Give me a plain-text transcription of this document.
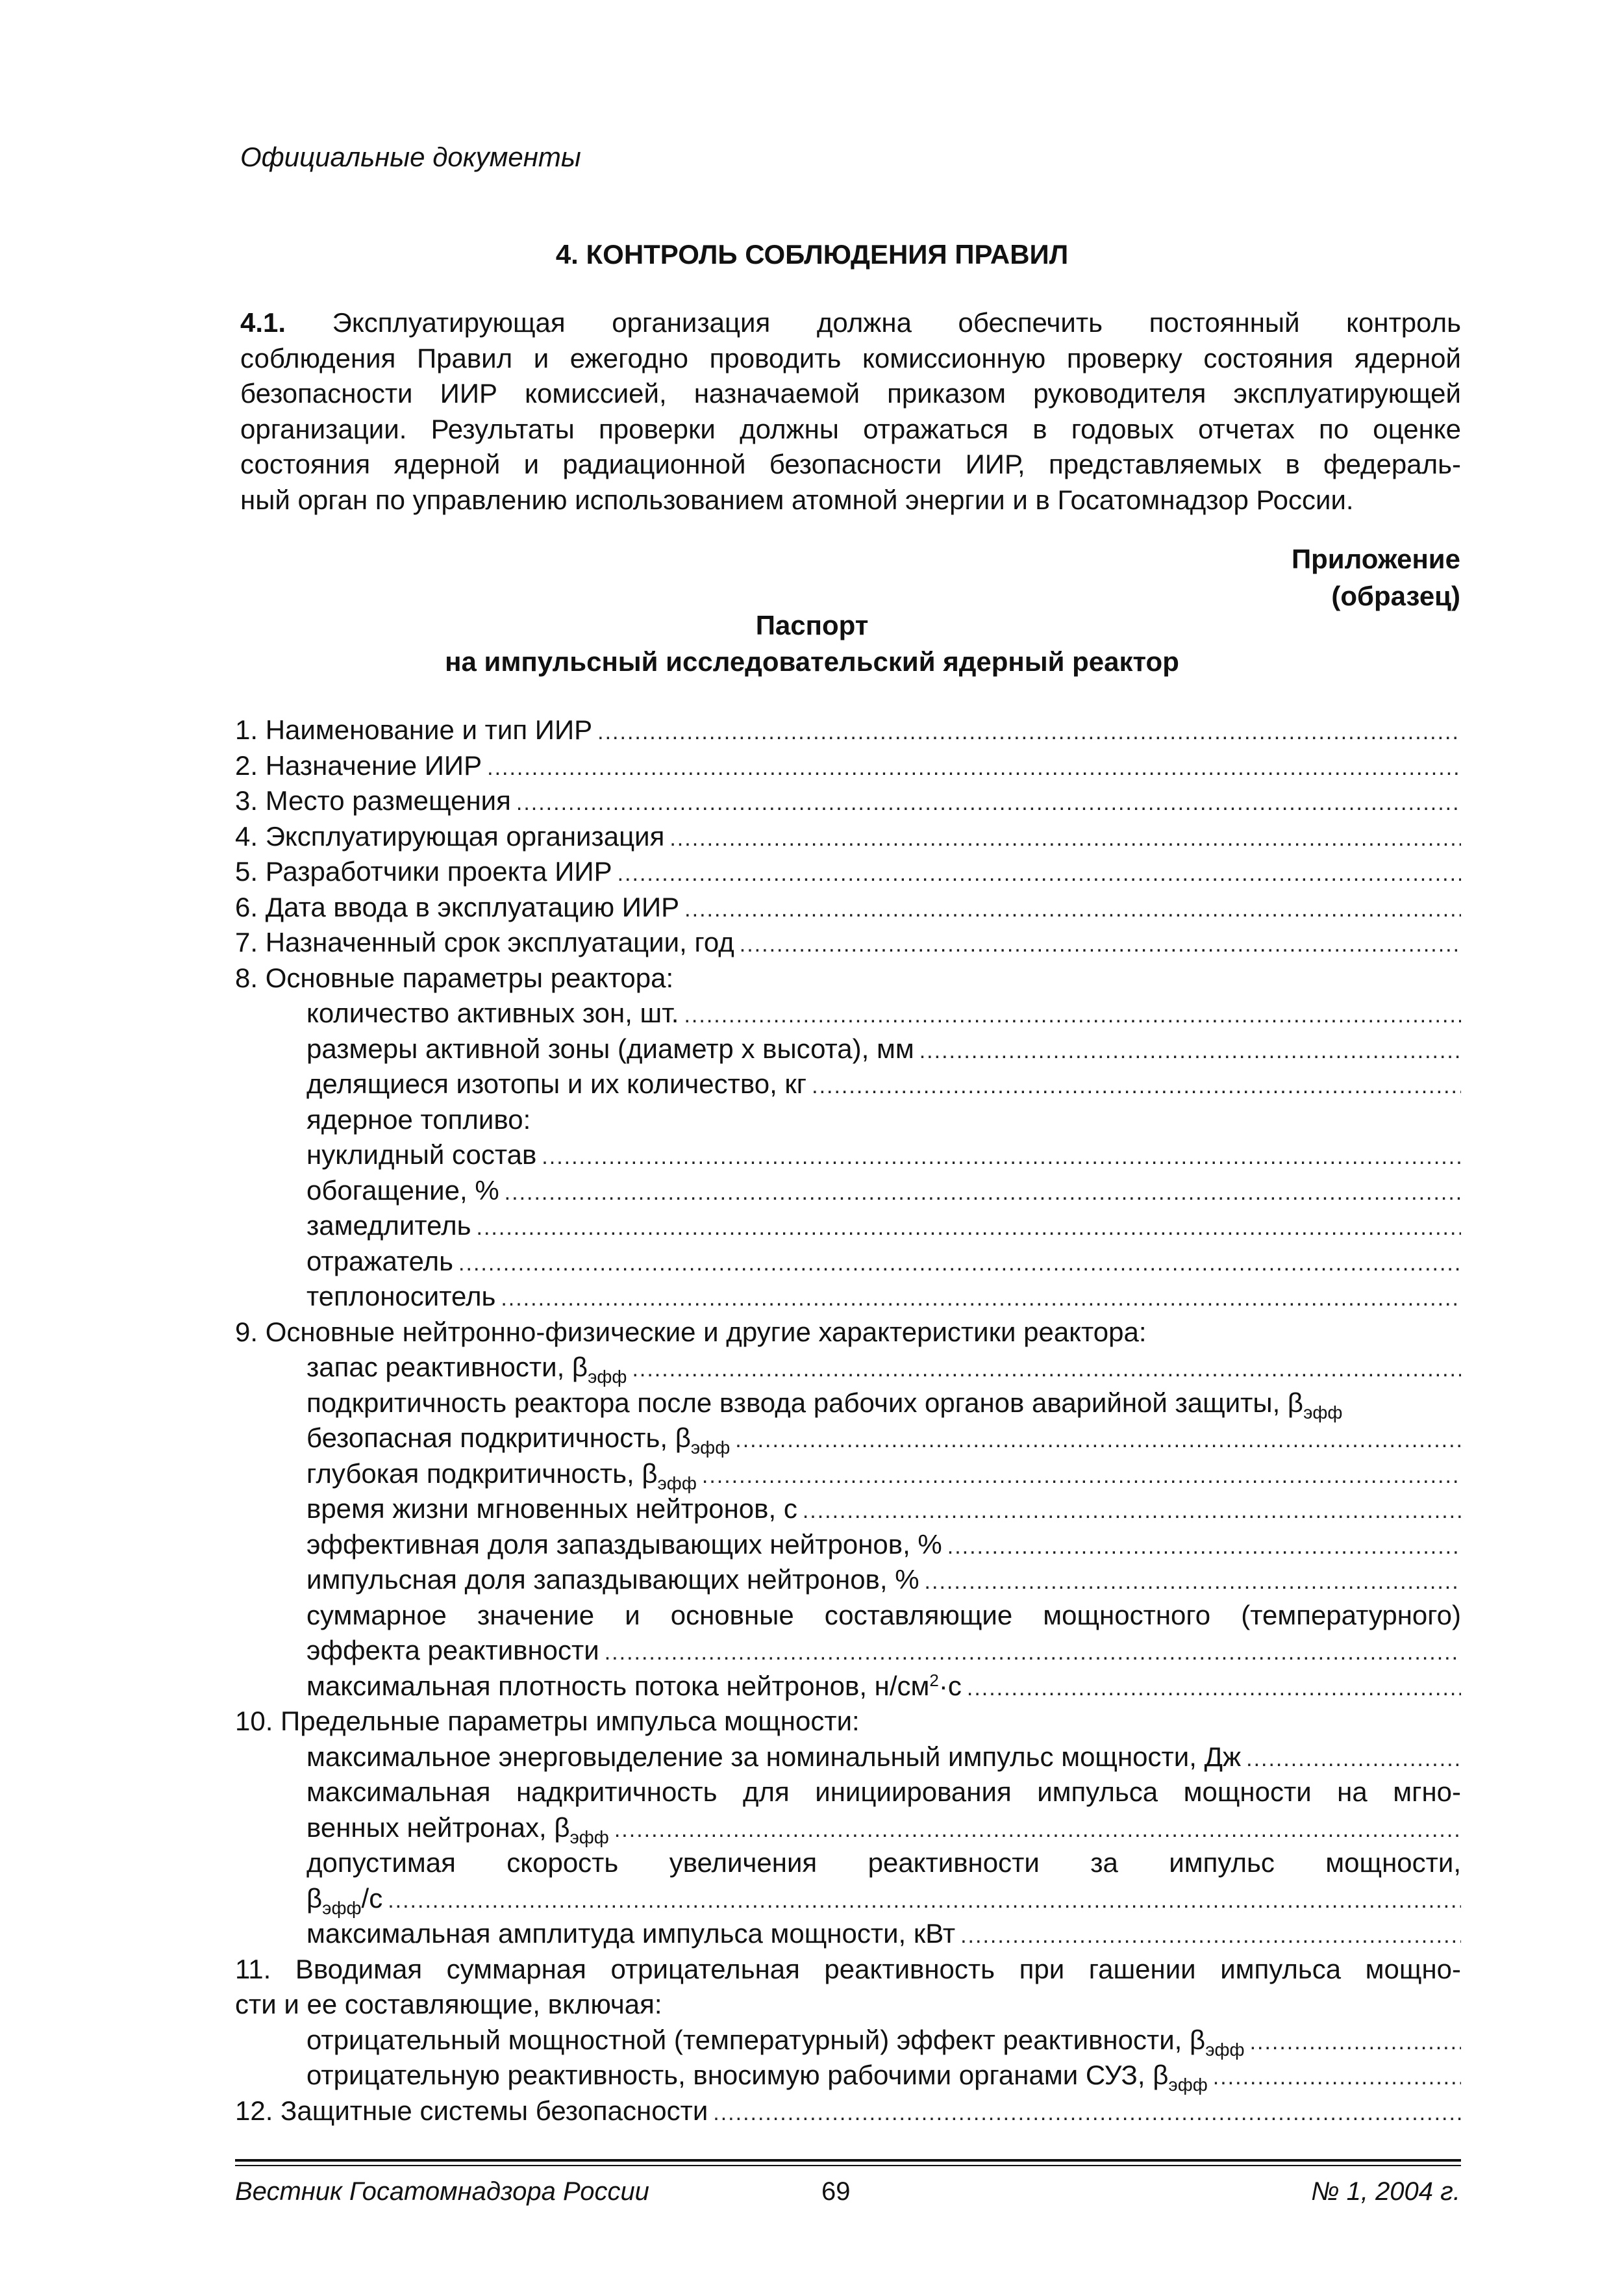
Официальные документы
4. КОНТРОЛЬ СОБЛЮДЕНИЯ ПРАВИЛ
4.1. Эксплуатирующая организация должна обеспечить постоянный контроль
соблюдения Правил и ежегодно проводить комиссионную проверку состояния ядерной
безопасности ИИР комиссией, назначаемой приказом руководителя эксплуатирующей
организации. Результаты проверки должны отражаться в годовых отчетах по оценке
состояния ядерной и радиационной безопасности ИИР, представляемых в федераль-
ный орган по управлению использованием атомной энергии и в Госатомнадзор России.
Приложение
(образец)
Паспорт
на импульсный исследовательский ядерный реактор
1. Наименование и тип ИИР
.....
2. Назначение ИИР
.....
3. Место размещения
.....
4. Эксплуатирующая организация
.....
5. Разработчики проекта ИИР
.....
6. Дата ввода в эксплуатацию ИИР
.....
7. Назначенный срок эксплуатации, год
.....
8. Основные параметры реактора:
количество активных зон, шт.
.....
размеры активной зоны (диаметр х высота), мм
.....
делящиеся изотопы и их количество, кг
.....
ядерное топливо:
нуклидный состав
.....
обогащение, %
.....
замедлитель
.....
отражатель
.....
теплоноситель
.....
9. Основные нейтронно-физические и другие характеристики реактора:
запас реактивности, $\beta_{эфф}$
.....
подкритичность реактора после взвода рабочих органов аварийной защиты, $\beta_{эфф}$
безопасная подкритичность, $\beta_{эфф}$
.....
глубокая подкритичность, $\beta_{эфф}$
.....
время жизни мгновенных нейтронов, с
.....
эффективная доля запаздывающих нейтронов, %
.....
импульсная доля запаздывающих нейтронов, %
.....
суммарное значение и основные составляющие мощностного (температурного)
эффекта реактивности
.....
максимальная плотность потока нейтронов, $н/см^2\cdot с$
.....
10. Предельные параметры импульса мощности:
максимальное энерговыделение за номинальный импульс мощности, Дж
.....
максимальная надкритичность для инициирования импульса мощности на мгно-
венных нейтронах, $\beta_{эфф}$
.....
допустимая скорость увеличения реактивности за импульс мощности,
$\beta_{эфф}/с$
.....
максимальная амплитуда импульса мощности, кВт
.....
11. Вводимая суммарная отрицательная реактивность при гашении импульса мощно-
сти и ее составляющие, включая:
отрицательный мощностной (температурный) эффект реактивности, $\beta_{эфф}$
.....
отрицательную реактивность, вносимую рабочими органами СУЗ, $\beta_{эфф}$
.....
12. Защитные системы безопасности
.....
Вестник Госатомнадзора России	69	№ 1, 2004 г.
